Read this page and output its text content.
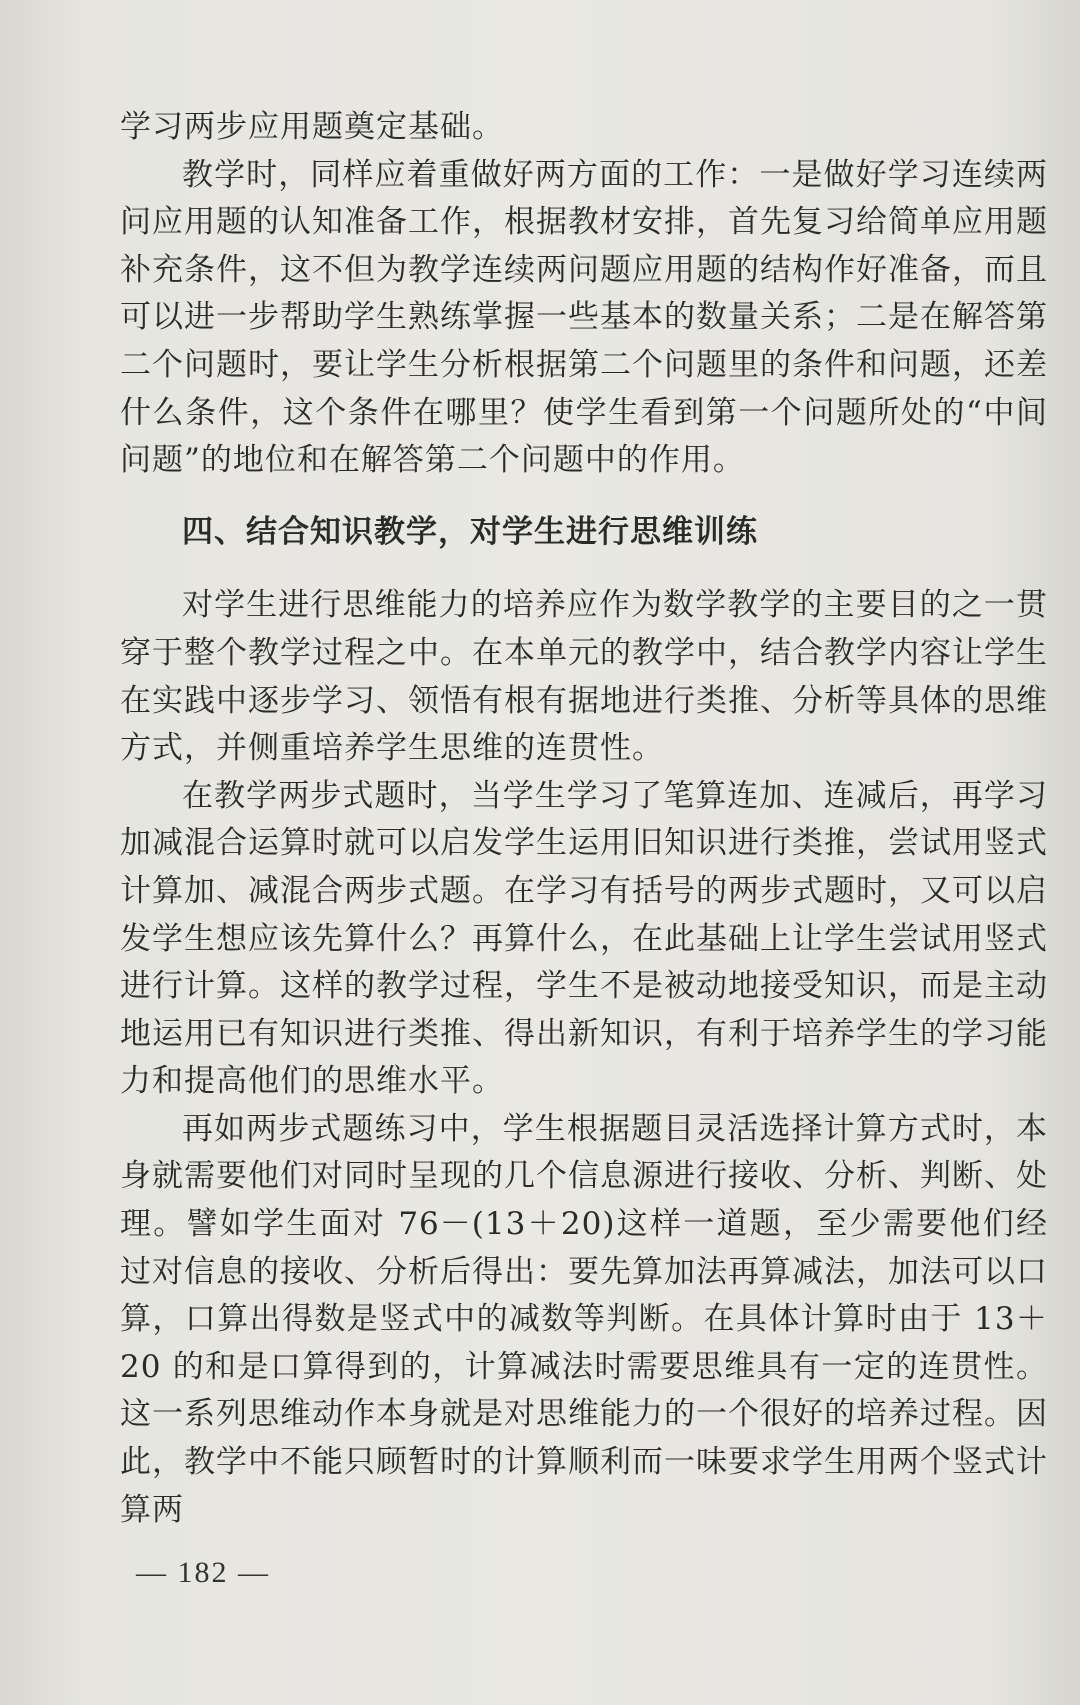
学习两步应用题奠定基础。

教学时，同样应着重做好两方面的工作：一是做好学习连续两问应用题的认知准备工作，根据教材安排，首先复习给简单应用题补充条件，这不但为教学连续两问题应用题的结构作好准备，而且可以进一步帮助学生熟练掌握一些基本的数量关系；二是在解答第二个问题时，要让学生分析根据第二个问题里的条件和问题，还差什么条件，这个条件在哪里？使学生看到第一个问题所处的“中间问题”的地位和在解答第二个问题中的作用。

四、结合知识教学，对学生进行思维训练

对学生进行思维能力的培养应作为数学教学的主要目的之一贯穿于整个教学过程之中。在本单元的教学中，结合教学内容让学生在实践中逐步学习、领悟有根有据地进行类推、分析等具体的思维方式，并侧重培养学生思维的连贯性。

在教学两步式题时，当学生学习了笔算连加、连减后，再学习加减混合运算时就可以启发学生运用旧知识进行类推，尝试用竖式计算加、减混合两步式题。在学习有括号的两步式题时，又可以启发学生想应该先算什么？再算什么，在此基础上让学生尝试用竖式进行计算。这样的教学过程，学生不是被动地接受知识，而是主动地运用已有知识进行类推、得出新知识，有利于培养学生的学习能力和提高他们的思维水平。

再如两步式题练习中，学生根据题目灵活选择计算方式时，本身就需要他们对同时呈现的几个信息源进行接收、分析、判断、处理。譬如学生面对 76－(13＋20)这样一道题，至少需要他们经过对信息的接收、分析后得出：要先算加法再算减法，加法可以口算，口算出得数是竖式中的减数等判断。在具体计算时由于 13＋20 的和是口算得到的，计算减法时需要思维具有一定的连贯性。这一系列思维动作本身就是对思维能力的一个很好的培养过程。因此，教学中不能只顾暂时的计算顺利而一味要求学生用两个竖式计算两

— 182 —
